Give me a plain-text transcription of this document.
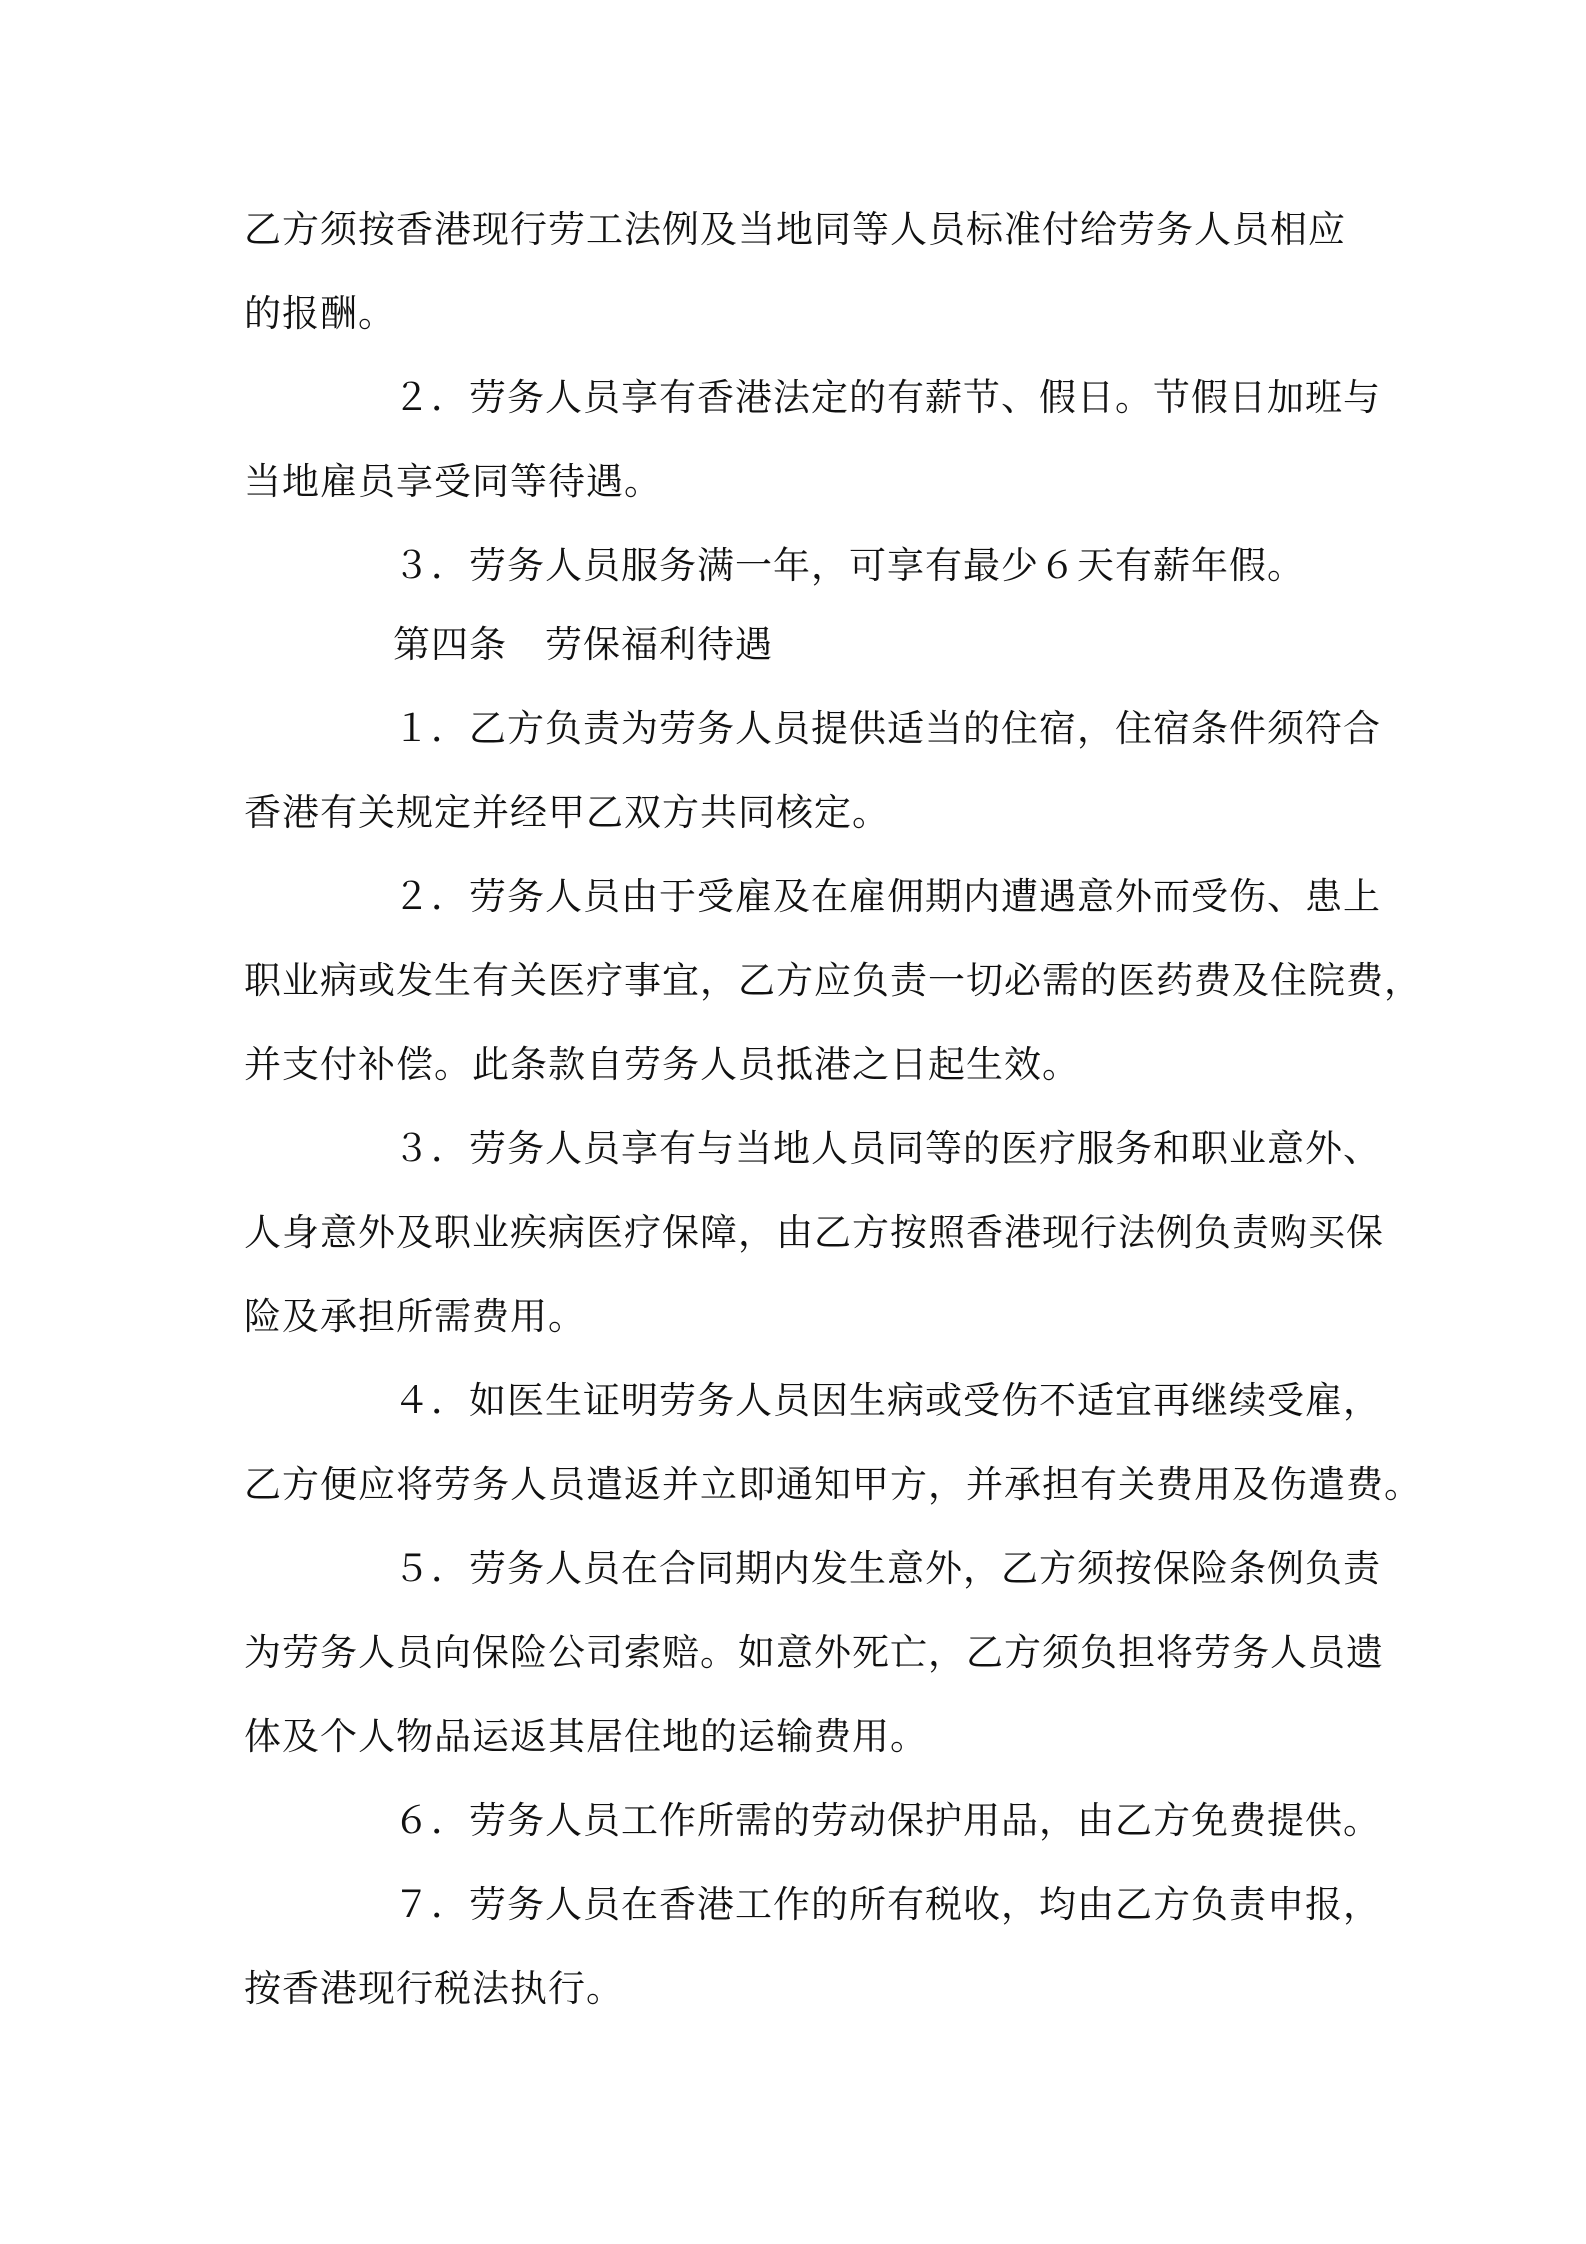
乙方须按香港现行劳工法例及当地同等人员标准付给劳务人员相应

的报酬。

２．劳务人员享有香港法定的有薪节、假日。节假日加班与

当地雇员享受同等待遇。

３．劳务人员服务满一年，可享有最少６天有薪年假。

第四条　劳保福利待遇

１．乙方负责为劳务人员提供适当的住宿，住宿条件须符合

香港有关规定并经甲乙双方共同核定。

２．劳务人员由于受雇及在雇佣期内遭遇意外而受伤、患上

职业病或发生有关医疗事宜，乙方应负责一切必需的医药费及住院费，

并支付补偿。此条款自劳务人员抵港之日起生效。

３．劳务人员享有与当地人员同等的医疗服务和职业意外、

人身意外及职业疾病医疗保障，由乙方按照香港现行法例负责购买保

险及承担所需费用。

４．如医生证明劳务人员因生病或受伤不适宜再继续受雇，

乙方便应将劳务人员遣返并立即通知甲方，并承担有关费用及伤遣费。

５．劳务人员在合同期内发生意外，乙方须按保险条例负责

为劳务人员向保险公司索赔。如意外死亡，乙方须负担将劳务人员遗

体及个人物品运返其居住地的运输费用。

６．劳务人员工作所需的劳动保护用品，由乙方免费提供。

７．劳务人员在香港工作的所有税收，均由乙方负责申报，

按香港现行税法执行。
